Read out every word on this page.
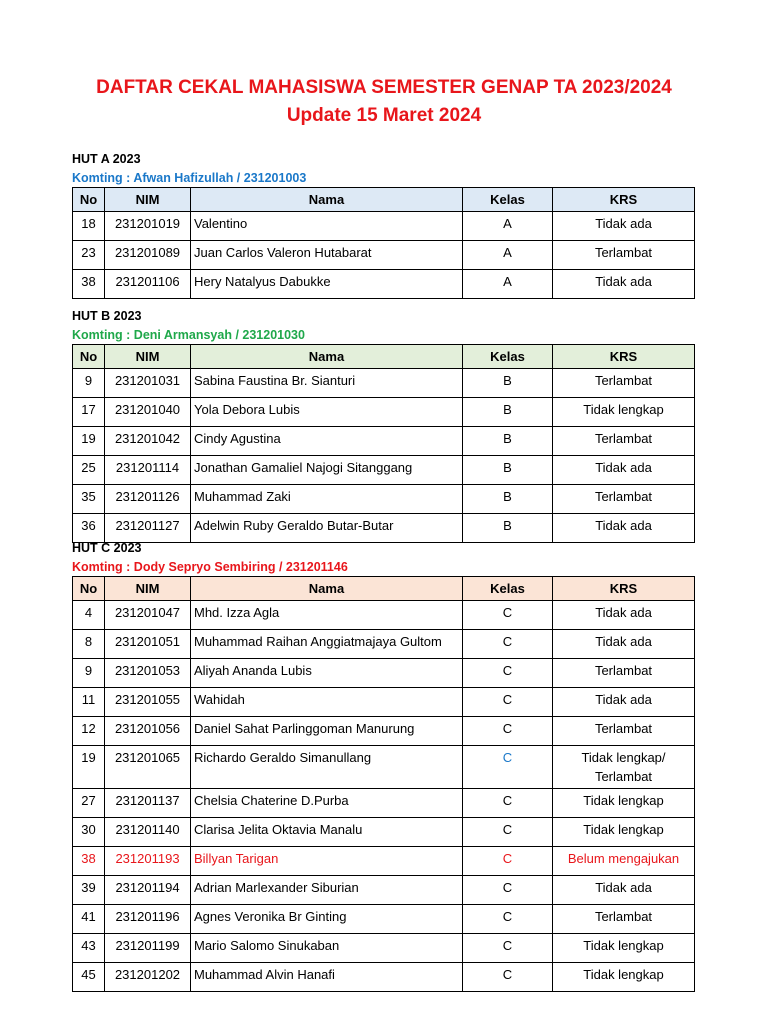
DAFTAR CEKAL MAHASISWA SEMESTER GENAP TA 2023/2024
Update 15 Maret 2024
HUT A 2023
Komting : Afwan Hafizullah / 231201003
No	NIM	Nama	Kelas	KRS
18	231201019	Valentino	A	Tidak ada
23	231201089	Juan Carlos Valeron Hutabarat	A	Terlambat
38	231201106	Hery Natalyus Dabukke	A	Tidak ada
HUT B 2023
Komting : Deni Armansyah / 231201030
No	NIM	Nama	Kelas	KRS
9	231201031	Sabina Faustina Br. Sianturi	B	Terlambat
17	231201040	Yola Debora Lubis	B	Tidak lengkap
19	231201042	Cindy Agustina	B	Terlambat
25	231201114	Jonathan Gamaliel Najogi Sitanggang	B	Tidak ada
35	231201126	Muhammad Zaki	B	Terlambat
36	231201127	Adelwin Ruby Geraldo Butar-Butar	B	Tidak ada
HUT C 2023
Komting : Dody Sepryo Sembiring / 231201146
No	NIM	Nama	Kelas	KRS
4	231201047	Mhd. Izza Agla	C	Tidak ada
8	231201051	Muhammad Raihan Anggiatmajaya Gultom	C	Tidak ada
9	231201053	Aliyah Ananda Lubis	C	Terlambat
11	231201055	Wahidah	C	Tidak ada
12	231201056	Daniel Sahat Parlinggoman Manurung	C	Terlambat
19	231201065	Richardo Geraldo Simanullang	C	Tidak lengkap/
Terlambat
27	231201137	Chelsia Chaterine D.Purba	C	Tidak lengkap
30	231201140	Clarisa Jelita Oktavia Manalu	C	Tidak lengkap
38	231201193	Billyan Tarigan	C	Belum mengajukan
39	231201194	Adrian Marlexander Siburian	C	Tidak ada
41	231201196	Agnes Veronika Br Ginting	C	Terlambat
43	231201199	Mario Salomo Sinukaban	C	Tidak lengkap
45	231201202	Muhammad Alvin Hanafi	C	Tidak lengkap
